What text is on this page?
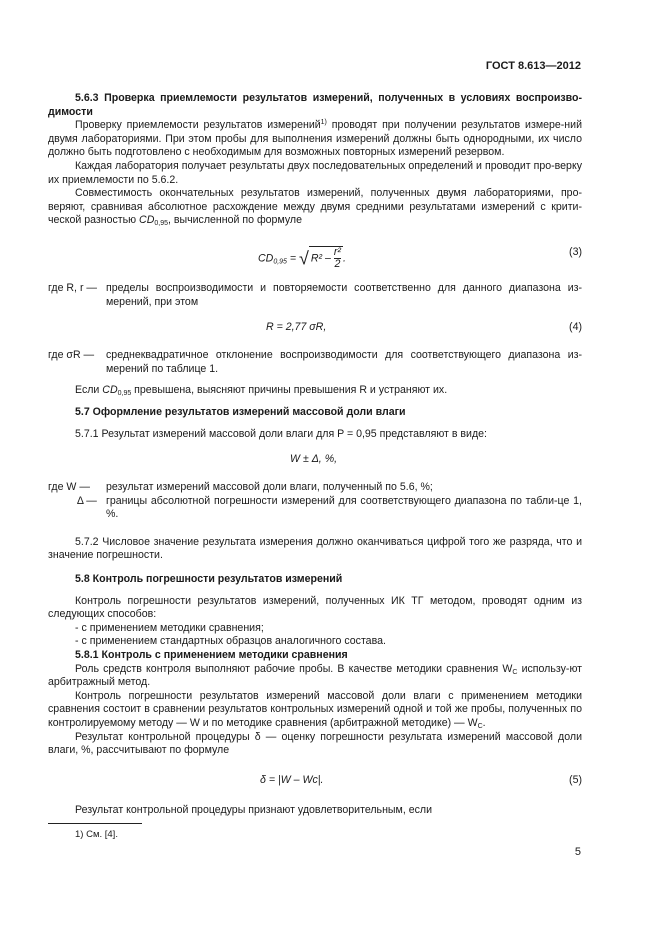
ГОСТ 8.613—2012

5.6.3 Проверка приемлемости результатов измерений, полученных в условиях воспроизво-димости

Проверку приемлемости результатов измерений$^{1)}$ проводят при получении результатов измере-ний двумя лабораториями. При этом пробы для выполнения измерений должны быть однородными, их число должно быть подготовлено с необходимым для возможных повторных измерений резервом.

Каждая лаборатория получает результаты двух последовательных определений и проводит про-верку их приемлемости по 5.6.2.

Совместимость окончательных результатов измерений, полученных двумя лабораториями, про-веряют, сравнивая абсолютное расхождение между двумя средними результатами измерений с крити-ческой разностью $CD_{0,95}$, вычисленной по формуле

$CD_{0,95}$ = √ $R^2 - \frac{\text{r²}}{2}$ .
(3)
где R, r — пределы воспроизводимости и повторяемости соответственно для данного диапазона из-мерений, при этом
R = 2,77 σR,	(4)
где σR —	среднеквадратичное отклонение воспроизводимости для соответствующего диапазона из-мерений по таблице 1.

Если $CD_{0,95}$ превышена, выясняют причины превышения R и устраняют их.

5.7 Оформление результатов измерений массовой доли влаги

5.7.1 Результат измерений массовой доли влаги для P = 0,95 представляют в виде:

W ± Δ, %,
где W —	результат измерений массовой доли влаги, полученный по 5.6, %;
Δ — границы абсолютной погрешности измерений для соответствующего диапазона по табли-це 1, %.

5.7.2 Числовое значение результата измерения должно оканчиваться цифрой того же разряда, что и значение погрешности.

5.8 Контроль погрешности результатов измерений

Контроль погрешности результатов измерений, полученных ИК ТГ методом, проводят одним из следующих способов:

- с применением методики сравнения;

- с применением стандартных образцов аналогичного состава.

5.8.1 Контроль с применением методики сравнения

Роль средств контроля выполняют рабочие пробы. В качестве методики сравнения $W_C$ использу-ют арбитражный метод.

Контроль погрешности результатов измерений массовой доли влаги с применением методики сравнения состоит в сравнении результатов контрольных измерений одной и той же пробы, полученных по контролируемому методу — W и по методике сравнения (арбитражной методике) — $W_C$.

Результат контрольной процедуры δ — оценку погрешности результата измерений массовой доли влаги, %, рассчитывают по формуле

δ = |W – Wc|.	(5)

Результат контрольной процедуры признают удовлетворительным, если

1) См. [4].
5
